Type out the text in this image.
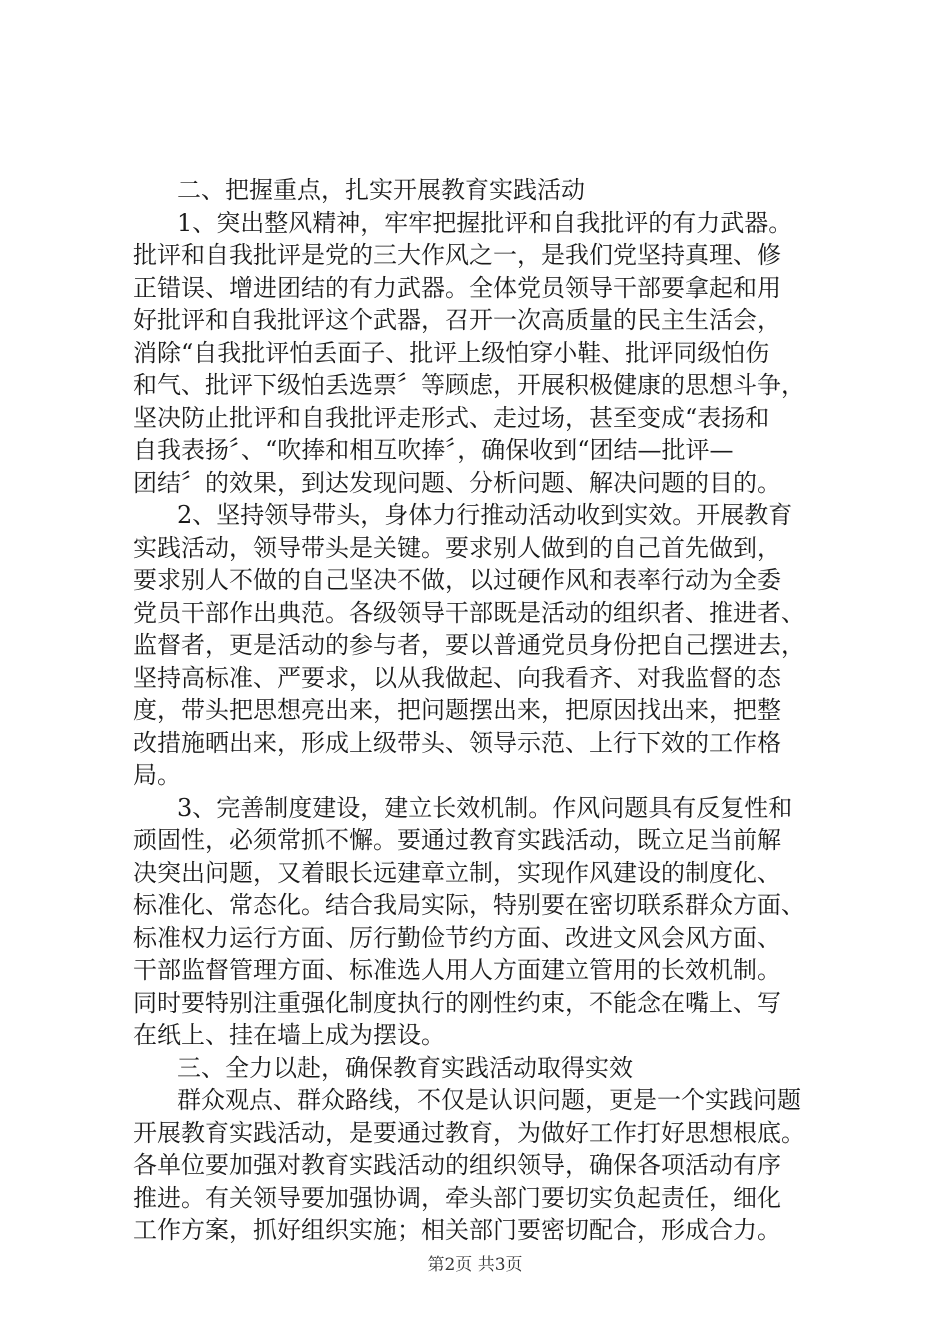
二、把握重点，扎实开展教育实践活动
1、突出整风精神，牢牢把握批评和自我批评的有力武器。
批评和自我批评是党的三大作风之一，是我们党坚持真理、修
正错误、增进团结的有力武器。全体党员领导干部要拿起和用
好批评和自我批评这个武器，召开一次高质量的民主生活会，
消除“自我批评怕丢面子、批评上级怕穿小鞋、批评同级怕伤
和气、批评下级怕丢选票〞等顾虑，开展积极健康的思想斗争，
坚决防止批评和自我批评走形式、走过场，甚至变成“表扬和
自我表扬〞、“吹捧和相互吹捧〞，确保收到“团结—批评—
团结〞的效果，到达发现问题、分析问题、解决问题的目的。
2、坚持领导带头，身体力行推动活动收到实效。开展教育
实践活动，领导带头是关键。要求别人做到的自己首先做到，
要求别人不做的自己坚决不做，以过硬作风和表率行动为全委
党员干部作出典范。各级领导干部既是活动的组织者、推进者、
监督者，更是活动的参与者，要以普通党员身份把自己摆进去，
坚持高标准、严要求，以从我做起、向我看齐、对我监督的态
度，带头把思想亮出来，把问题摆出来，把原因找出来，把整
改措施晒出来，形成上级带头、领导示范、上行下效的工作格
局。
3、完善制度建设，建立长效机制。作风问题具有反复性和
顽固性，必须常抓不懈。要通过教育实践活动，既立足当前解
决突出问题，又着眼长远建章立制，实现作风建设的制度化、
标准化、常态化。结合我局实际，特别要在密切联系群众方面、
标准权力运行方面、厉行勤俭节约方面、改进文风会风方面、
干部监督管理方面、标准选人用人方面建立管用的长效机制。
同时要特别注重强化制度执行的刚性约束，不能念在嘴上、写
在纸上、挂在墙上成为摆设。
三、全力以赴，确保教育实践活动取得实效
群众观点、群众路线，不仅是认识问题，更是一个实践问题
开展教育实践活动，是要通过教育，为做好工作打好思想根底。
各单位要加强对教育实践活动的组织领导，确保各项活动有序
推进。有关领导要加强协调，牵头部门要切实负起责任，细化
工作方案，抓好组织实施；相关部门要密切配合，形成合力。
第2页 共3页
